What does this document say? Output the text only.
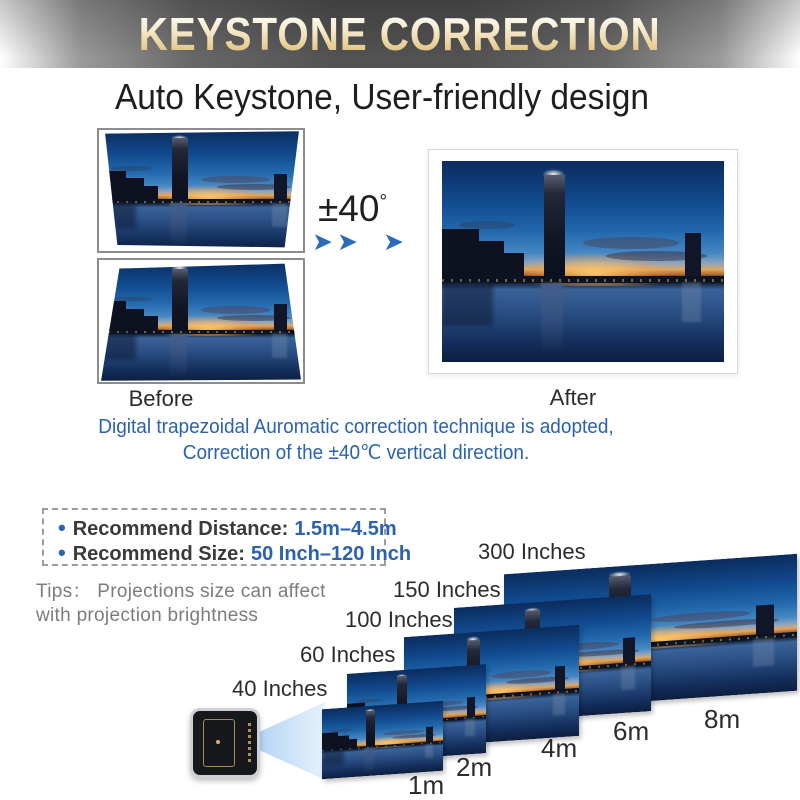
KEYSTONE CORRECTION
Auto Keystone, User-friendly design
±40°
➤ ➤ ➤
Before	After
Digital trapezoidal Auromatic correction technique is adopted,
Correction of the ±40℃ vertical direction.
• Recommend Distance: 1.5m–4.5m
• Recommend Size: 50 Inch–120 Inch
Tips： Projections size can affect
with projection brightness
40 Inches
60 Inches
100 Inches
150 Inches
300 Inches
1m
2m
4m
6m 8m
